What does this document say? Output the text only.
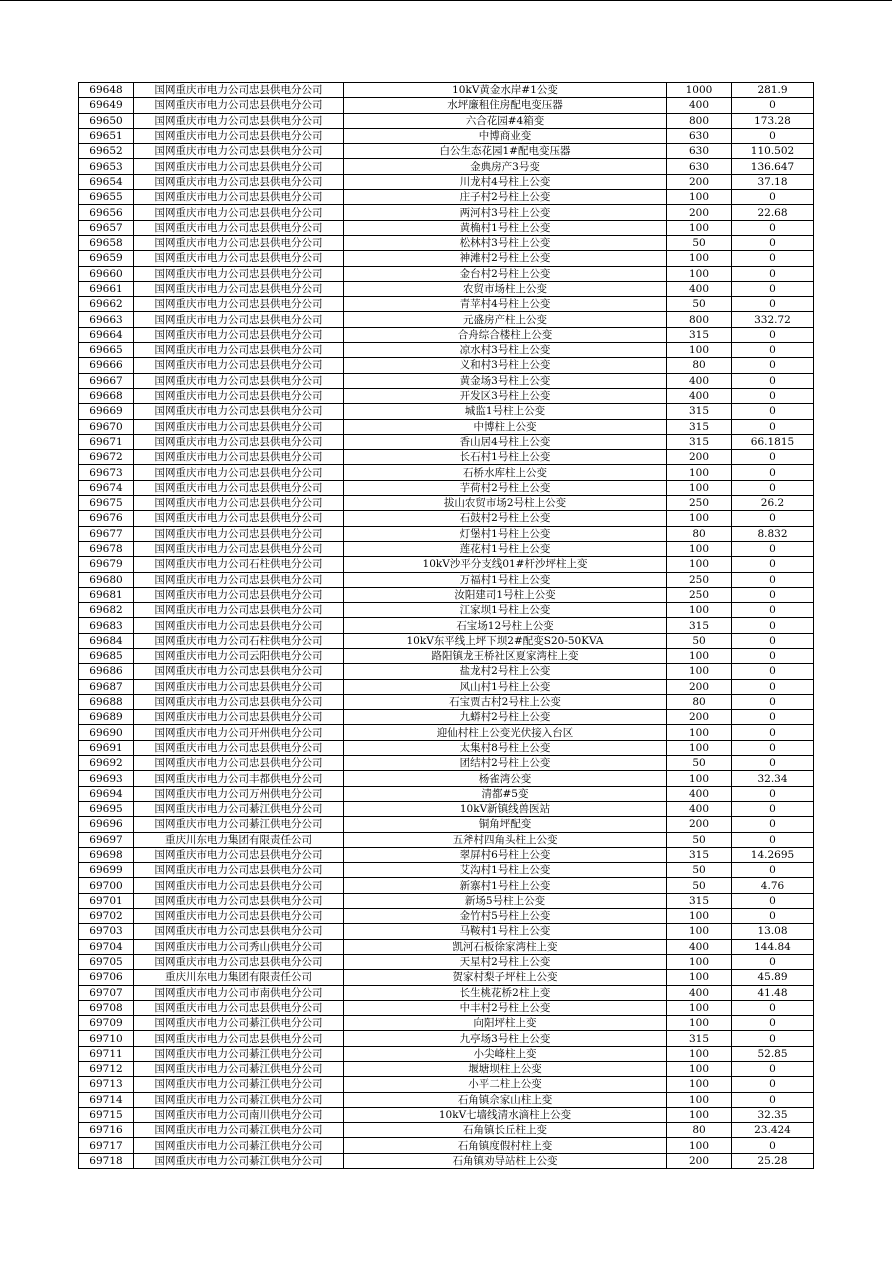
69648	国网重庆市电力公司忠县供电分公司	10kV黄金水岸#1公变	1000	281.9
69649	国网重庆市电力公司忠县供电分公司	水坪廉租住房配电变压器	400	0
69650	国网重庆市电力公司忠县供电分公司	六合花园#4箱变	800	173.28
69651	国网重庆市电力公司忠县供电分公司	中博商业变	630	0
69652	国网重庆市电力公司忠县供电分公司	白公生态花园1#配电变压器	630	110.502
69653	国网重庆市电力公司忠县供电分公司	金典房产3号变	630	136.647
69654	国网重庆市电力公司忠县供电分公司	川龙村4号柱上公变	200	37.18
69655	国网重庆市电力公司忠县供电分公司	庄子村2号柱上公变	100	0
69656	国网重庆市电力公司忠县供电分公司	两河村3号柱上公变	200	22.68
69657	国网重庆市电力公司忠县供电分公司	黄桷村1号柱上公变	100	0
69658	国网重庆市电力公司忠县供电分公司	松林村3号柱上公变	50	0
69659	国网重庆市电力公司忠县供电分公司	神滩村2号柱上公变	100	0
69660	国网重庆市电力公司忠县供电分公司	金台村2号柱上公变	100	0
69661	国网重庆市电力公司忠县供电分公司	农贸市场柱上公变	400	0
69662	国网重庆市电力公司忠县供电分公司	青苹村4号柱上公变	50	0
69663	国网重庆市电力公司忠县供电分公司	元盛房产柱上公变	800	332.72
69664	国网重庆市电力公司忠县供电分公司	合舟综合楼柱上公变	315	0
69665	国网重庆市电力公司忠县供电分公司	凉水村3号柱上公变	100	0
69666	国网重庆市电力公司忠县供电分公司	义和村3号柱上公变	80	0
69667	国网重庆市电力公司忠县供电分公司	黄金场3号柱上公变	400	0
69668	国网重庆市电力公司忠县供电分公司	开发区3号柱上公变	400	0
69669	国网重庆市电力公司忠县供电分公司	城监1号柱上公变	315	0
69670	国网重庆市电力公司忠县供电分公司	中博柱上公变	315	0
69671	国网重庆市电力公司忠县供电分公司	香山居4号柱上公变	315	66.1815
69672	国网重庆市电力公司忠县供电分公司	长石村1号柱上公变	200	0
69673	国网重庆市电力公司忠县供电分公司	石桥水库柱上公变	100	0
69674	国网重庆市电力公司忠县供电分公司	芋荷村2号柱上公变	100	0
69675	国网重庆市电力公司忠县供电分公司	拔山农贸市场2号柱上公变	250	26.2
69676	国网重庆市电力公司忠县供电分公司	石鼓村2号柱上公变	100	0
69677	国网重庆市电力公司忠县供电分公司	灯堡村1号柱上公变	80	8.832
69678	国网重庆市电力公司忠县供电分公司	莲花村1号柱上公变	100	0
69679	国网重庆市电力公司石柱供电分公司	10kV沙平分支线01#杆沙坪柱上变	100	0
69680	国网重庆市电力公司忠县供电分公司	万福村1号柱上公变	250	0
69681	国网重庆市电力公司忠县供电分公司	汝阳建司1号柱上公变	250	0
69682	国网重庆市电力公司忠县供电分公司	江家坝1号柱上公变	100	0
69683	国网重庆市电力公司忠县供电分公司	石宝场12号柱上公变	315	0
69684	国网重庆市电力公司石柱供电分公司	10kV东平线上坪下坝2#配变S20-50KVA	50	0
69685	国网重庆市电力公司云阳供电分公司	路阳镇龙王桥社区夏家湾柱上变	100	0
69686	国网重庆市电力公司忠县供电分公司	盐龙村2号柱上公变	100	0
69687	国网重庆市电力公司忠县供电分公司	风山村1号柱上公变	200	0
69688	国网重庆市电力公司忠县供电分公司	石宝贾古村2号柱上公变	80	0
69689	国网重庆市电力公司忠县供电分公司	九蟒村2号柱上公变	200	0
69690	国网重庆市电力公司开州供电分公司	迎仙村柱上公变光伏接入台区	100	0
69691	国网重庆市电力公司忠县供电分公司	太集村8号柱上公变	100	0
69692	国网重庆市电力公司忠县供电分公司	团结村2号柱上公变	50	0
69693	国网重庆市电力公司丰都供电分公司	杨雀湾公变	100	32.34
69694	国网重庆市电力公司万州供电分公司	清都#5变	400	0
69695	国网重庆市电力公司綦江供电分公司	10kV新镇线兽医站	400	0
69696	国网重庆市电力公司綦江供电分公司	铜角坪配变	200	0
69697	重庆川东电力集团有限责任公司	五斧村四角头柱上公变	50	0
69698	国网重庆市电力公司忠县供电分公司	翠屏村6号柱上公变	315	14.2695
69699	国网重庆市电力公司忠县供电分公司	艾沟村1号柱上公变	50	0
69700	国网重庆市电力公司忠县供电分公司	新寨村1号柱上公变	50	4.76
69701	国网重庆市电力公司忠县供电分公司	新场5号柱上公变	315	0
69702	国网重庆市电力公司忠县供电分公司	金竹村5号柱上公变	100	0
69703	国网重庆市电力公司忠县供电分公司	马鞍村1号柱上公变	100	13.08
69704	国网重庆市电力公司秀山供电分公司	凯河石板徐家湾柱上变	400	144.84
69705	国网重庆市电力公司忠县供电分公司	天星村2号柱上公变	100	0
69706	重庆川东电力集团有限责任公司	贺家村梨子坪柱上公变	100	45.89
69707	国网重庆市电力公司市南供电分公司	长生桃花桥2柱上变	400	41.48
69708	国网重庆市电力公司忠县供电分公司	中丰村2号柱上公变	100	0
69709	国网重庆市电力公司綦江供电分公司	向阳坪柱上变	100	0
69710	国网重庆市电力公司忠县供电分公司	九亭场3号柱上公变	315	0
69711	国网重庆市电力公司綦江供电分公司	小尖峰柱上变	100	52.85
69712	国网重庆市电力公司綦江供电分公司	堰塘坝柱上公变	100	0
69713	国网重庆市电力公司綦江供电分公司	小平二柱上公变	100	0
69714	国网重庆市电力公司綦江供电分公司	石角镇佘家山柱上变	100	0
69715	国网重庆市电力公司南川供电分公司	10kV七墙线清水滴柱上公变	100	32.35
69716	国网重庆市电力公司綦江供电分公司	石角镇长丘柱上变	80	23.424
69717	国网重庆市电力公司綦江供电分公司	石角镇度假村柱上变	100	0
69718	国网重庆市电力公司綦江供电分公司	石角镇劝导站柱上公变	200	25.28
